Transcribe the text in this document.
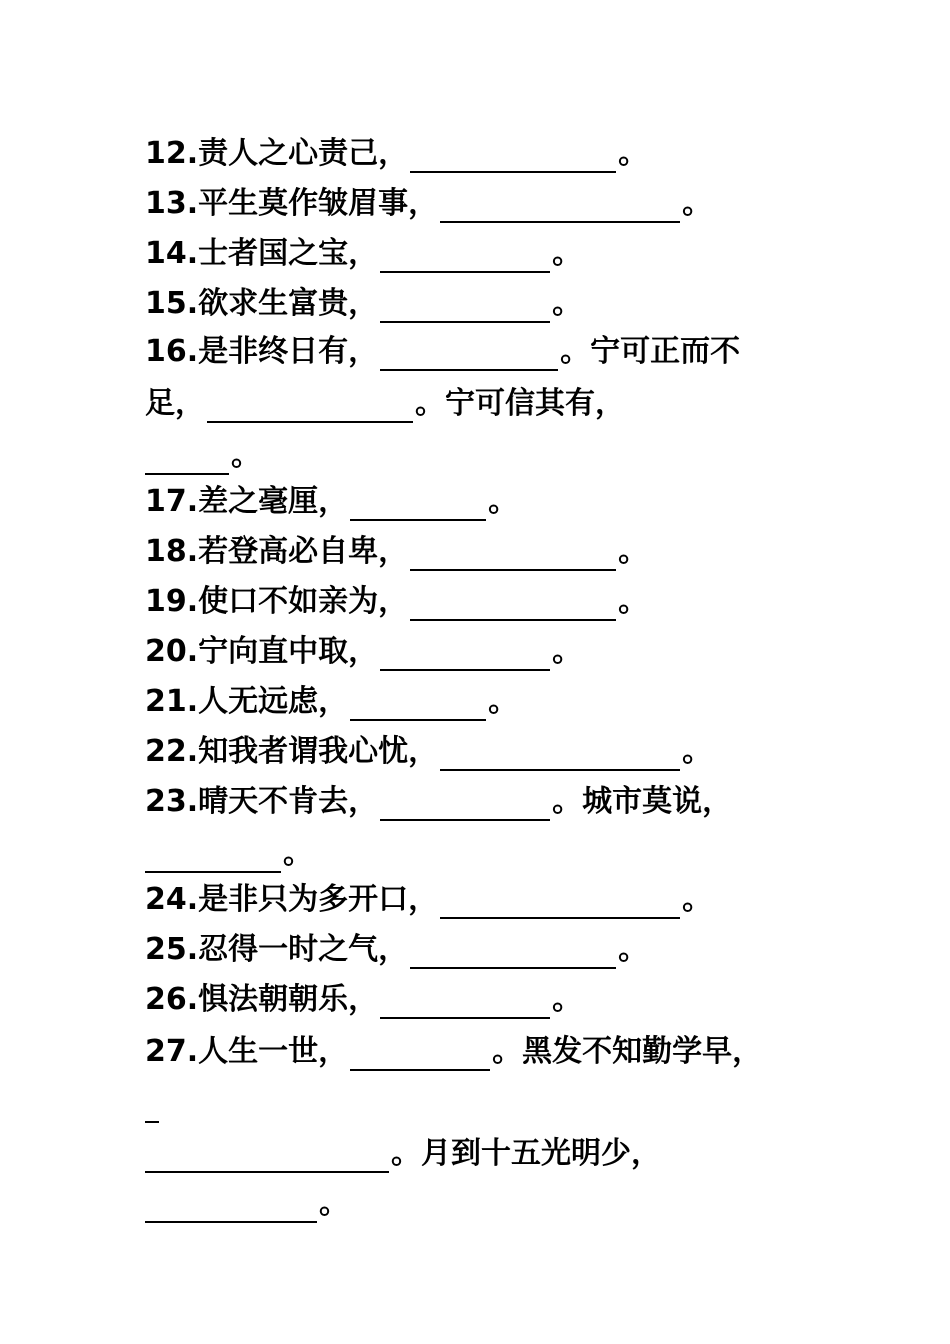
12.责人之心责己，	。
13.平生莫作皱眉事，	。
14.士者国之宝，	。
15.欲求生富贵，	。
16.是非终日有，	。宁可正而不
足，	。宁可信其有，
。
17.差之毫厘，	。
18.若登高必自卑，	。
19.使口不如亲为，	。
20.宁向直中取，	。
21.人无远虑，	。
22.知我者谓我心忧，	。
23.晴天不肯去，	。城市莫说，
。
24.是非只为多开口，	。
25.忍得一时之气，	。
26.惧法朝朝乐，	。
27.人生一世，	。黑发不知勤学早，
。月到十五光明少，
。
